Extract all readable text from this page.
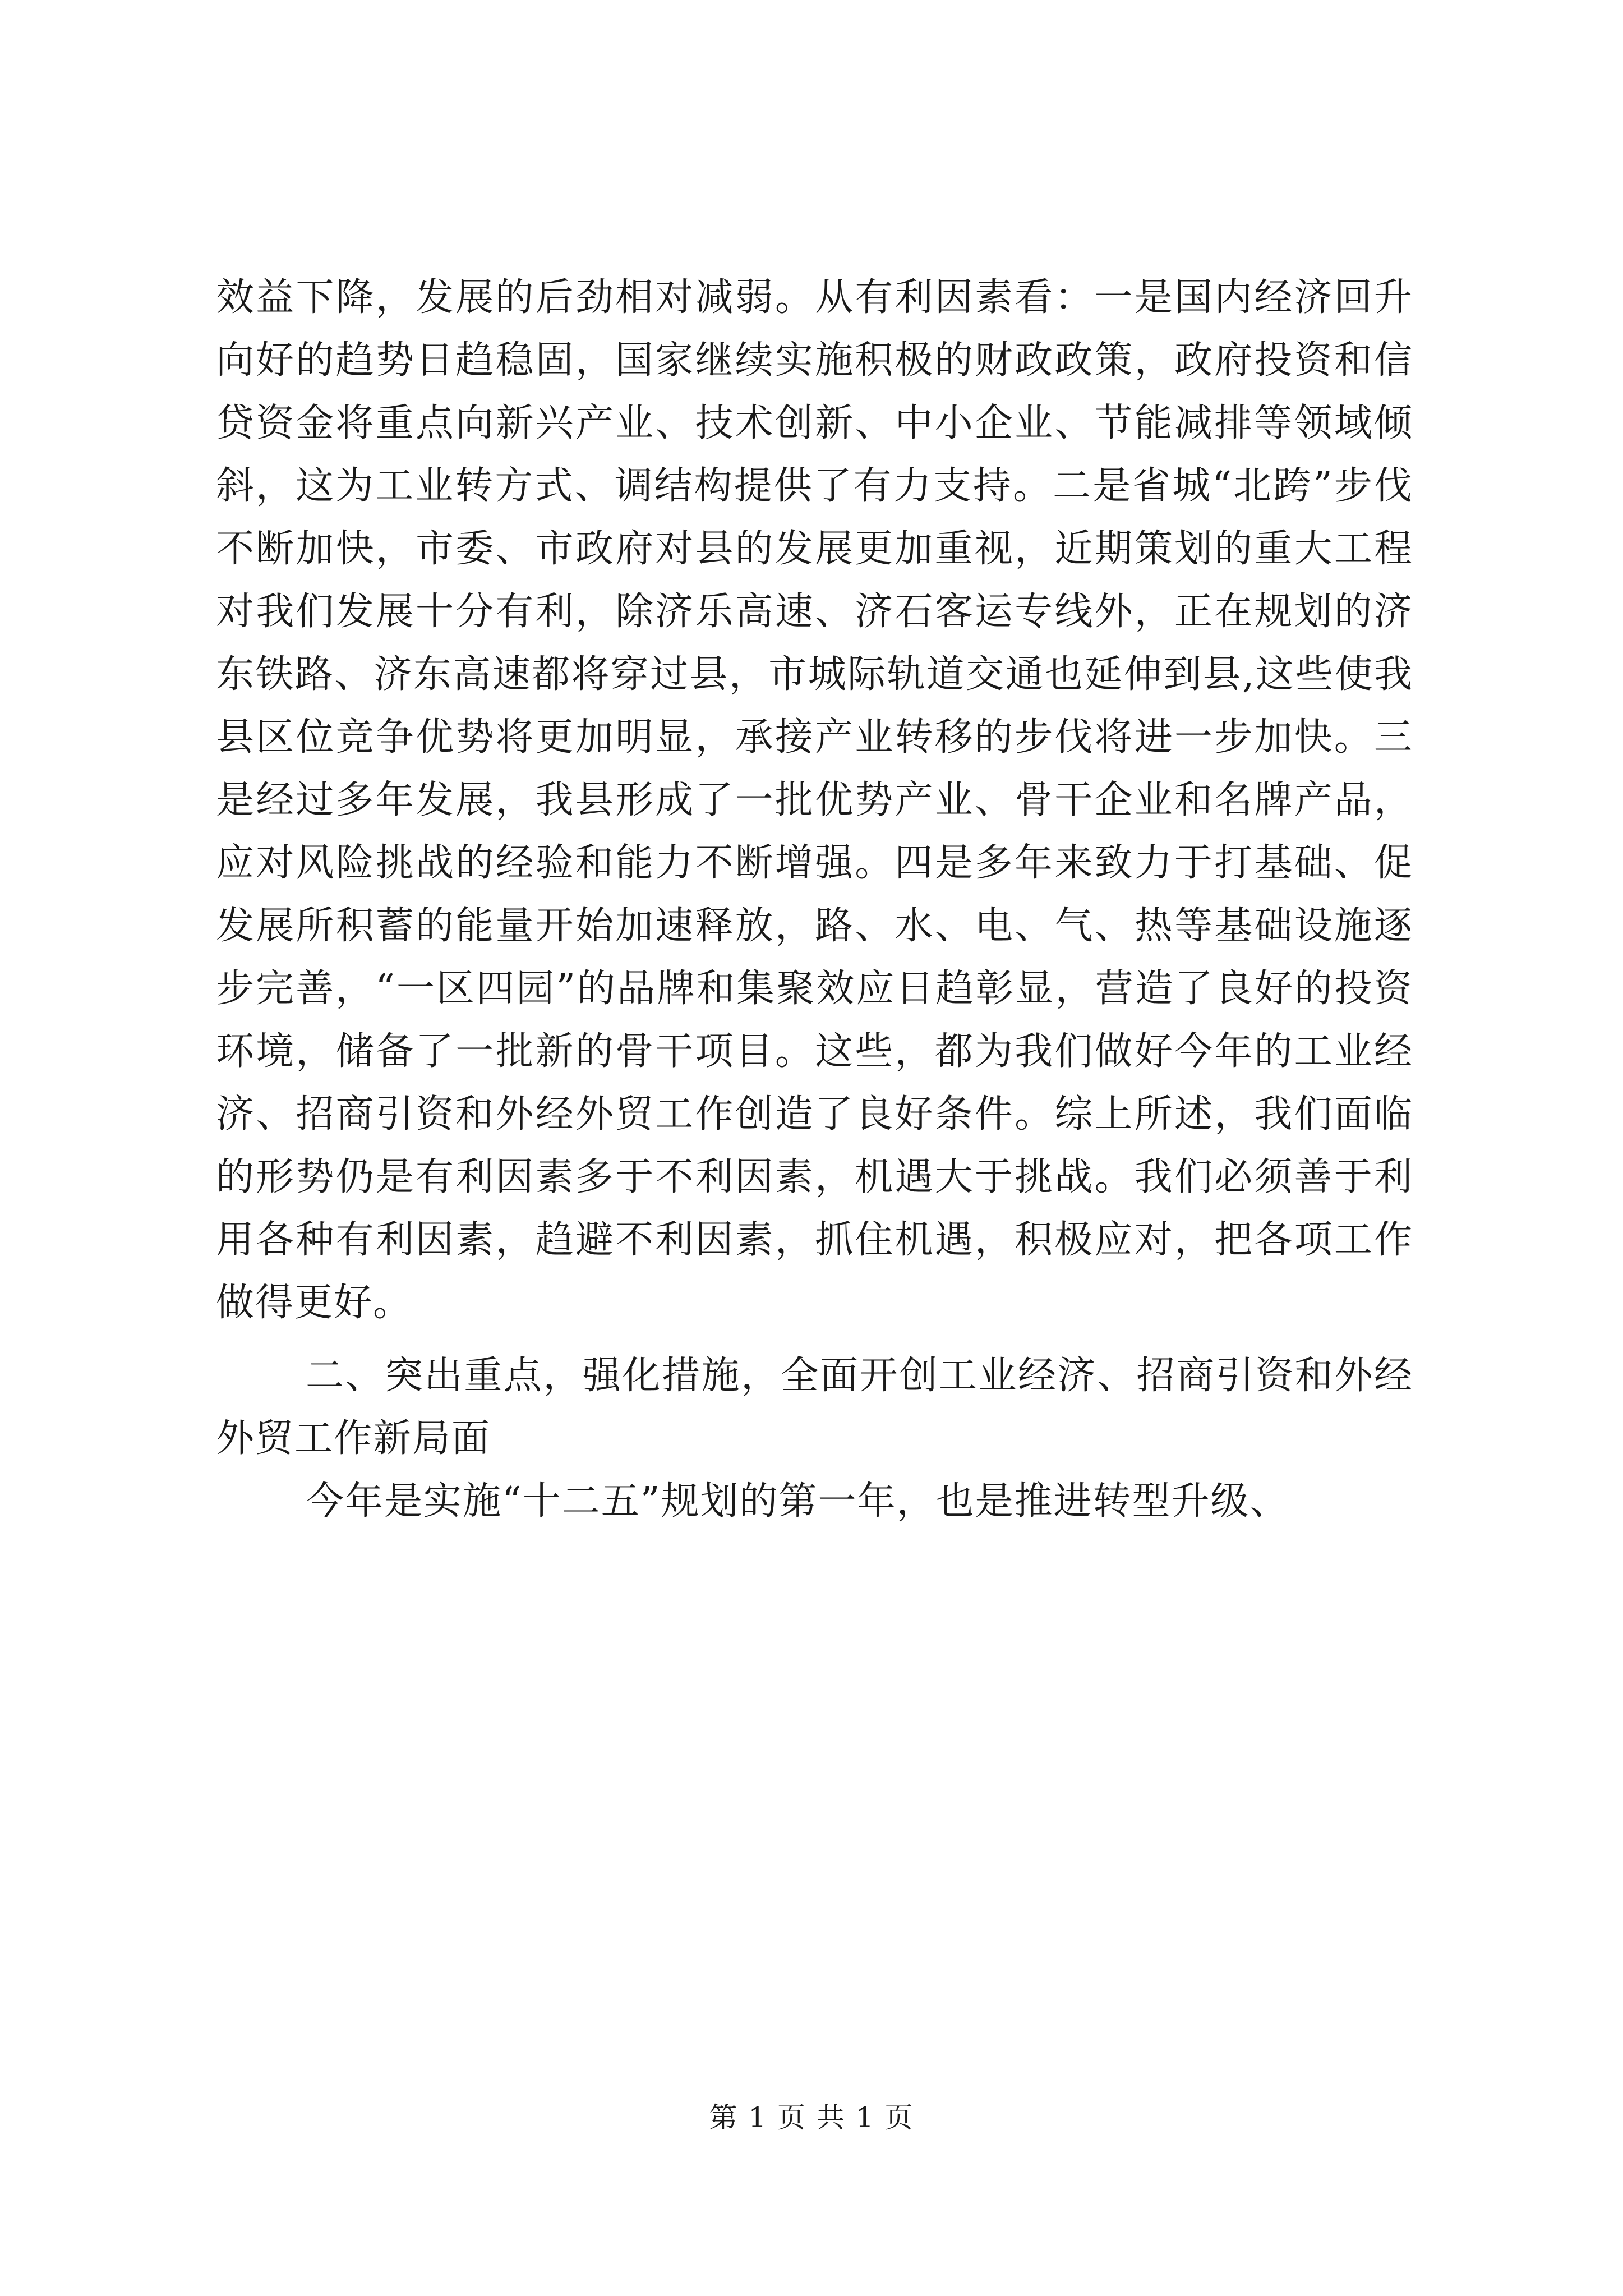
效益下降，发展的后劲相对减弱。从有利因素看：一是国内经济回升向好的趋势日趋稳固，国家继续实施积极的财政政策，政府投资和信贷资金将重点向新兴产业、技术创新、中小企业、节能减排等领域倾斜，这为工业转方式、调结构提供了有力支持。二是省城“北跨”步伐不断加快，市委、市政府对县的发展更加重视，近期策划的重大工程对我们发展十分有利，除济乐高速、济石客运专线外，正在规划的济东铁路、济东高速都将穿过县，市城际轨道交通也延伸到县,这些使我县区位竞争优势将更加明显，承接产业转移的步伐将进一步加快。三是经过多年发展，我县形成了一批优势产业、骨干企业和名牌产品，应对风险挑战的经验和能力不断增强。四是多年来致力于打基础、促发展所积蓄的能量开始加速释放，路、水、电、气、热等基础设施逐步完善，“一区四园”的品牌和集聚效应日趋彰显，营造了良好的投资环境，储备了一批新的骨干项目。这些，都为我们做好今年的工业经济、招商引资和外经外贸工作创造了良好条件。综上所述，我们面临的形势仍是有利因素多于不利因素，机遇大于挑战。我们必须善于利用各种有利因素，趋避不利因素，抓住机遇，积极应对，把各项工作做得更好。

二、突出重点，强化措施，全面开创工业经济、招商引资和外经外贸工作新局面

今年是实施“十二五”规划的第一年，也是推进转型升级、

第 1 页 共 1 页
